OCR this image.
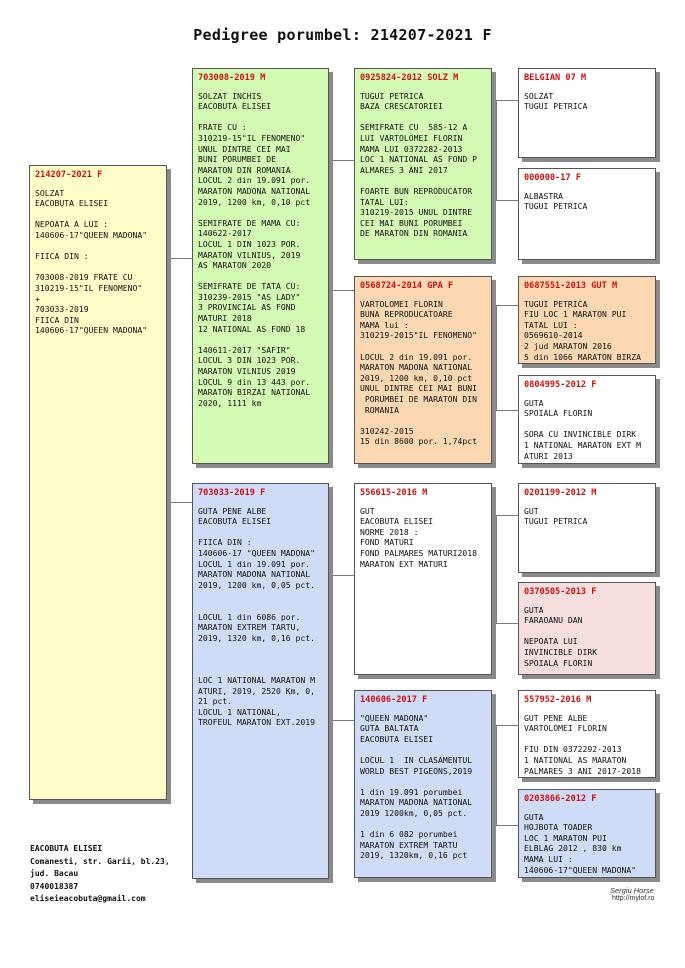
Pedigree porumbel: 214207-2021 F
214207-2021 F
SOLZAT
EACOBUTA ELISEI

NEPOATA A LUI :
140606-17"QUEEN MADONA"

FIICA DIN :

703008-2019 FRATE CU
310219-15"IL FENOMENO"
+
703033-2019
FIICA DIN
140606-17"QUEEN MADONA"
703008-2019 M
SOLZAT INCHIS
EACOBUTA ELISEI

FRATE CU :
310219-15"IL FENOMENO"
UNUL DINTRE CEI MAI
BUNI PORUMBEI DE
MARATON DIN ROMANIA
LOCUL 2 din 19.091 por.
MARATON MADONA NATIONAL
2019, 1200 km, 0,10 pct

SEMIFRATE DE MAMA CU:
140622-2017
LOCUL 1 DIN 1023 POR.
MARATON VILNIUS, 2019
AS MARATON 2020

SEMIFRATE DE TATA CU:
310239-2015 "AS LADY"
3 PROVINCIAL AS FOND
MATURI 2018
12 NATIONAL AS FOND 18

140611-2017 "SAFIR"
LOCUL 3 DIN 1023 POR.
MARATON VILNIUS 2019
LOCUL 9 din 13 443 por.
MARATON BIRZAI NATIONAL
2020, 1111 km
703033-2019 F
GUTA PENE ALBE
EACOBUTA ELISEI

FIICA DIN :
140606-17 "QUEEN MADONA"
LOCUL 1 din 19.091 por.
MARATON MADONA NATIONAL
2019, 1200 km, 0,05 pct.

LOCUL 1 din 6086 por.
MARATON EXTREM TARTU,
2019, 1320 km, 0,16 pct.

LOC 1 NATIONAL MARATON M
ATURI, 2019, 2520 Km, 0,
21 pct.
LOCUL 1 NATIONAL,
TROFEUL MARATON EXT.2019
0925824-2012 SOLZ M
TUGUI PETRICA
BAZA CRESCATORIEI

SEMIFRATE CU  585-12 A
LUI VARTOLOMEI FLORIN
MAMA LUI 0372282-2013
LOC 1 NATIONAL AS FOND P
ALMARES 3 ANI 2017

FOARTE BUN REPRODUCATOR
TATAL LUI:
310219-2015 UNUL DINTRE
CEI MAI BUNI PORUMBEI
DE MARATON DIN ROMANIA
0568724-2014 GPA F
VARTOLOMEI FLORIN
BUNA REPRODUCATOARE
MAMA lui :
310219-2015"IL FENOMENO"

LOCUL 2 din 19.091 por.
MARATON MADONA NATIONAL
2019, 1200 km, 0,10 pct
UNUL DINTRE CEI MAI BUNI
PORUMBEI DE MARATON DIN
ROMANIA

310242-2015
15 din 8600 por. 1,74pct
556615-2016 M
GUT
EACOBUTA ELISEI
NORME 2018 :
FOND MATURI
FOND PALMARES MATURI2018
MARATON EXT MATURI
140606-2017 F
"QUEEN MADONA"
GUTA BALTATA
EACOBUTA ELISEI

LOCUL 1  IN CLASAMENTUL
WORLD BEST PIGEONS,2019

1 din 19.091 porumbei
MARATON MADONA NATIONAL
2019 1200km, 0,05 pct.

1 din 6 082 porumbei
MARATON EXTREM TARTU
2019, 1320km, 0,16 pct
BELGIAN 07 M
SOLZAT
TUGUI PETRICA
000000-17 F
ALBASTRA
TUGUI PETRICA
0687551-2013 GUT M
TUGUI PETRICA
FIU LOC 1 MARATON PUI
TATAL LUI :
0569610-2014
2 jud MARATON 2016
5 din 1066 MARATON BIRZA
0804995-2012 F
GUTA
SPOIALA FLORIN

SORA CU INVINCIBLE DIRK
1 NATIONAL MARATON EXT M
ATURI 2013
0201199-2012 M
GUT
TUGUI PETRICA
0370505-2013 F
GUTA
FARAOANU DAN

NEPOATA LUI
INVINCIBLE DIRK
SPOIALA FLORIN
557952-2016 M
GUT PENE ALBE
VARTOLOMEI FLORIN

FIU DIN 0372292-2013
1 NATIONAL AS MARATON
PALMARES 3 ANI 2017-2018
0203866-2012 F
GUTA
HOJBOTA TOADER
LOC 1 MARATON PUI
ELBLAG 2012 , 830 km
MAMA LUI :
140606-17"QUEEN MADONA"
EACOBUTA ELISEI
Comanesti, str. Garii, bl.23,
jud. Bacau
0740018387
eliseieacobuta@gmail.com
Sergiu Horse
http://mylof.ro
